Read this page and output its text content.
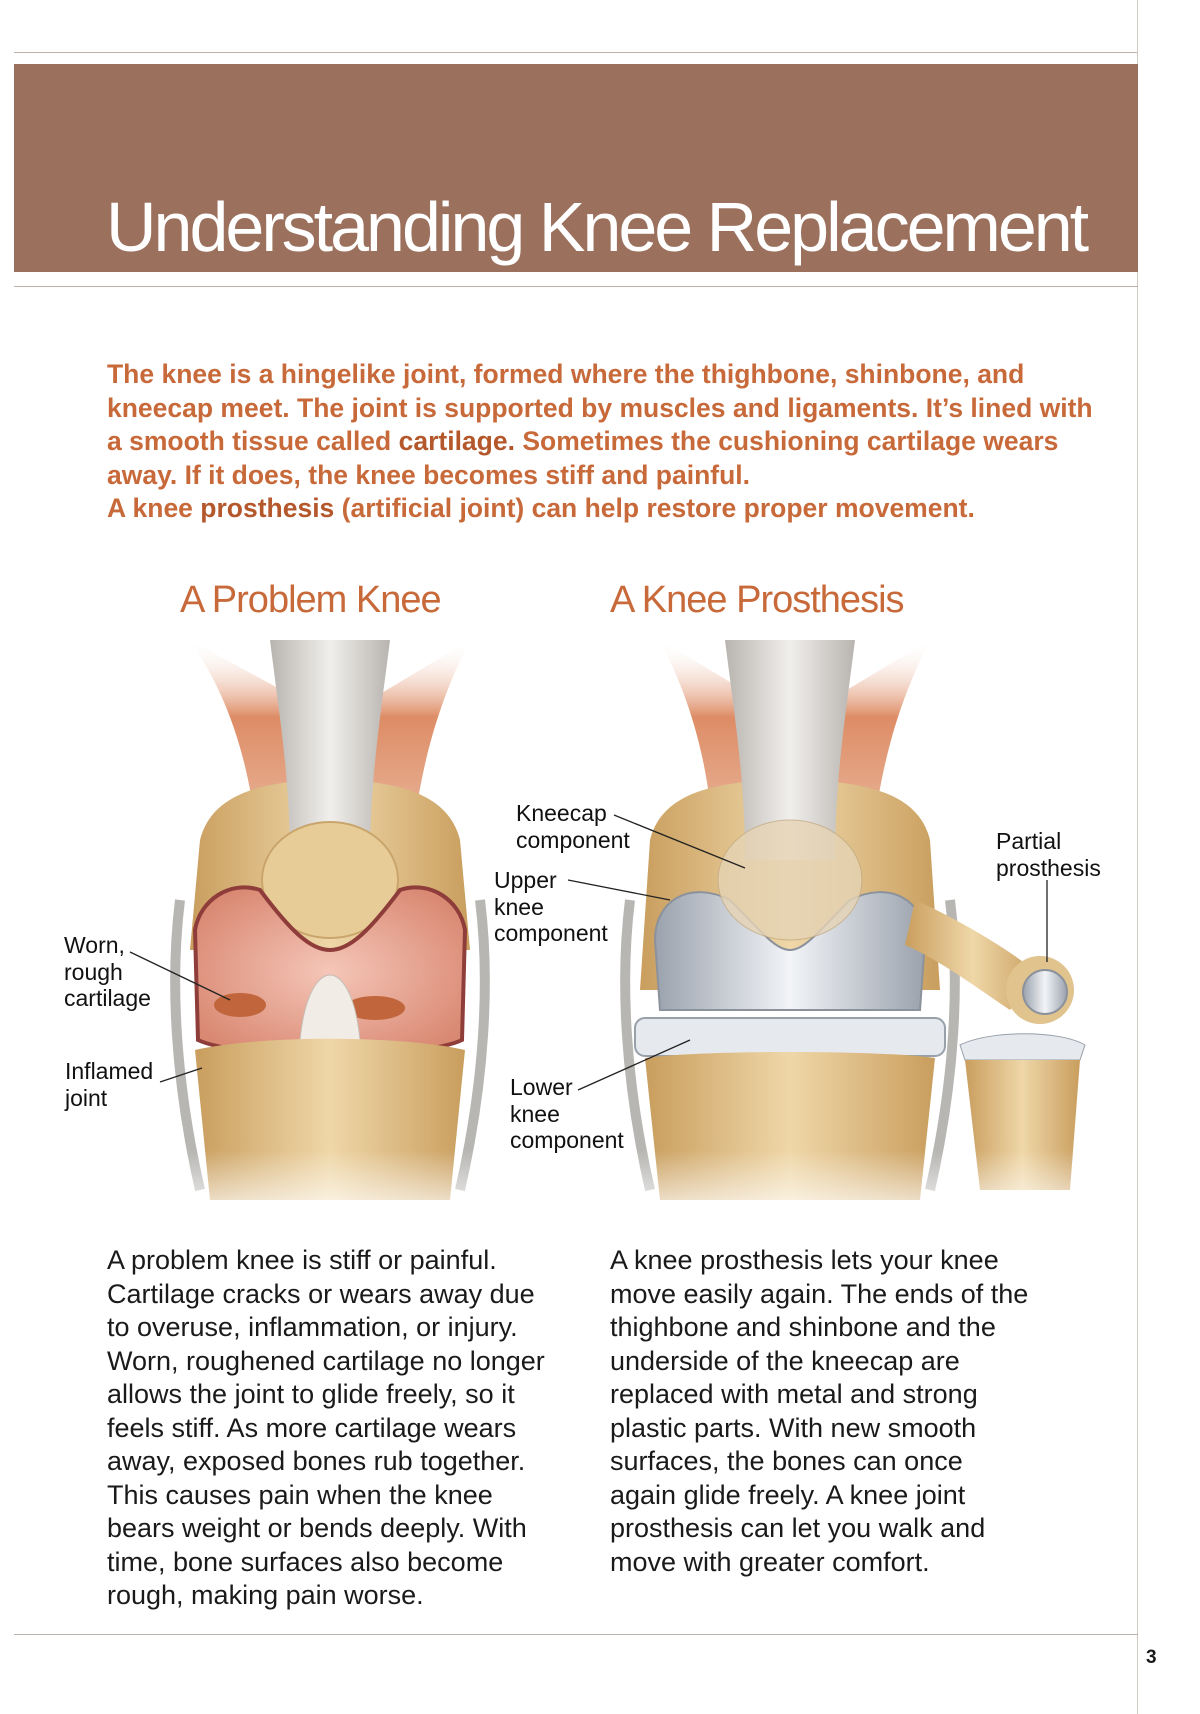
Understanding Knee Replacement

The knee is a hingelike joint, formed where the thighbone, shinbone, and kneecap meet. The joint is supported by muscles and ligaments. It’s lined with a smooth tissue called cartilage. Sometimes the cushioning cartilage wears away. If it does, the knee becomes stiff and painful.
A knee prosthesis (artificial joint) can help restore proper movement.

A Problem Knee	A Knee Prosthesis
Worn,
rough
cartilage
Inflamed
joint
Kneecap
component
Upper
knee
component
Lower
knee
component
Partial
prosthesis

A problem knee is stiff or painful.
Cartilage cracks or wears away due
to overuse, inflammation, or injury.
Worn, roughened cartilage no longer
allows the joint to glide freely, so it
feels stiff. As more cartilage wears
away, exposed bones rub together.
This causes pain when the knee
bears weight or bends deeply. With
time, bone surfaces also become
rough, making pain worse.

A knee prosthesis lets your knee
move easily again. The ends of the
thighbone and shinbone and the
underside of the kneecap are
replaced with metal and strong
plastic parts. With new smooth
surfaces, the bones can once
again glide freely. A knee joint
prosthesis can let you walk and
move with greater comfort.

3
